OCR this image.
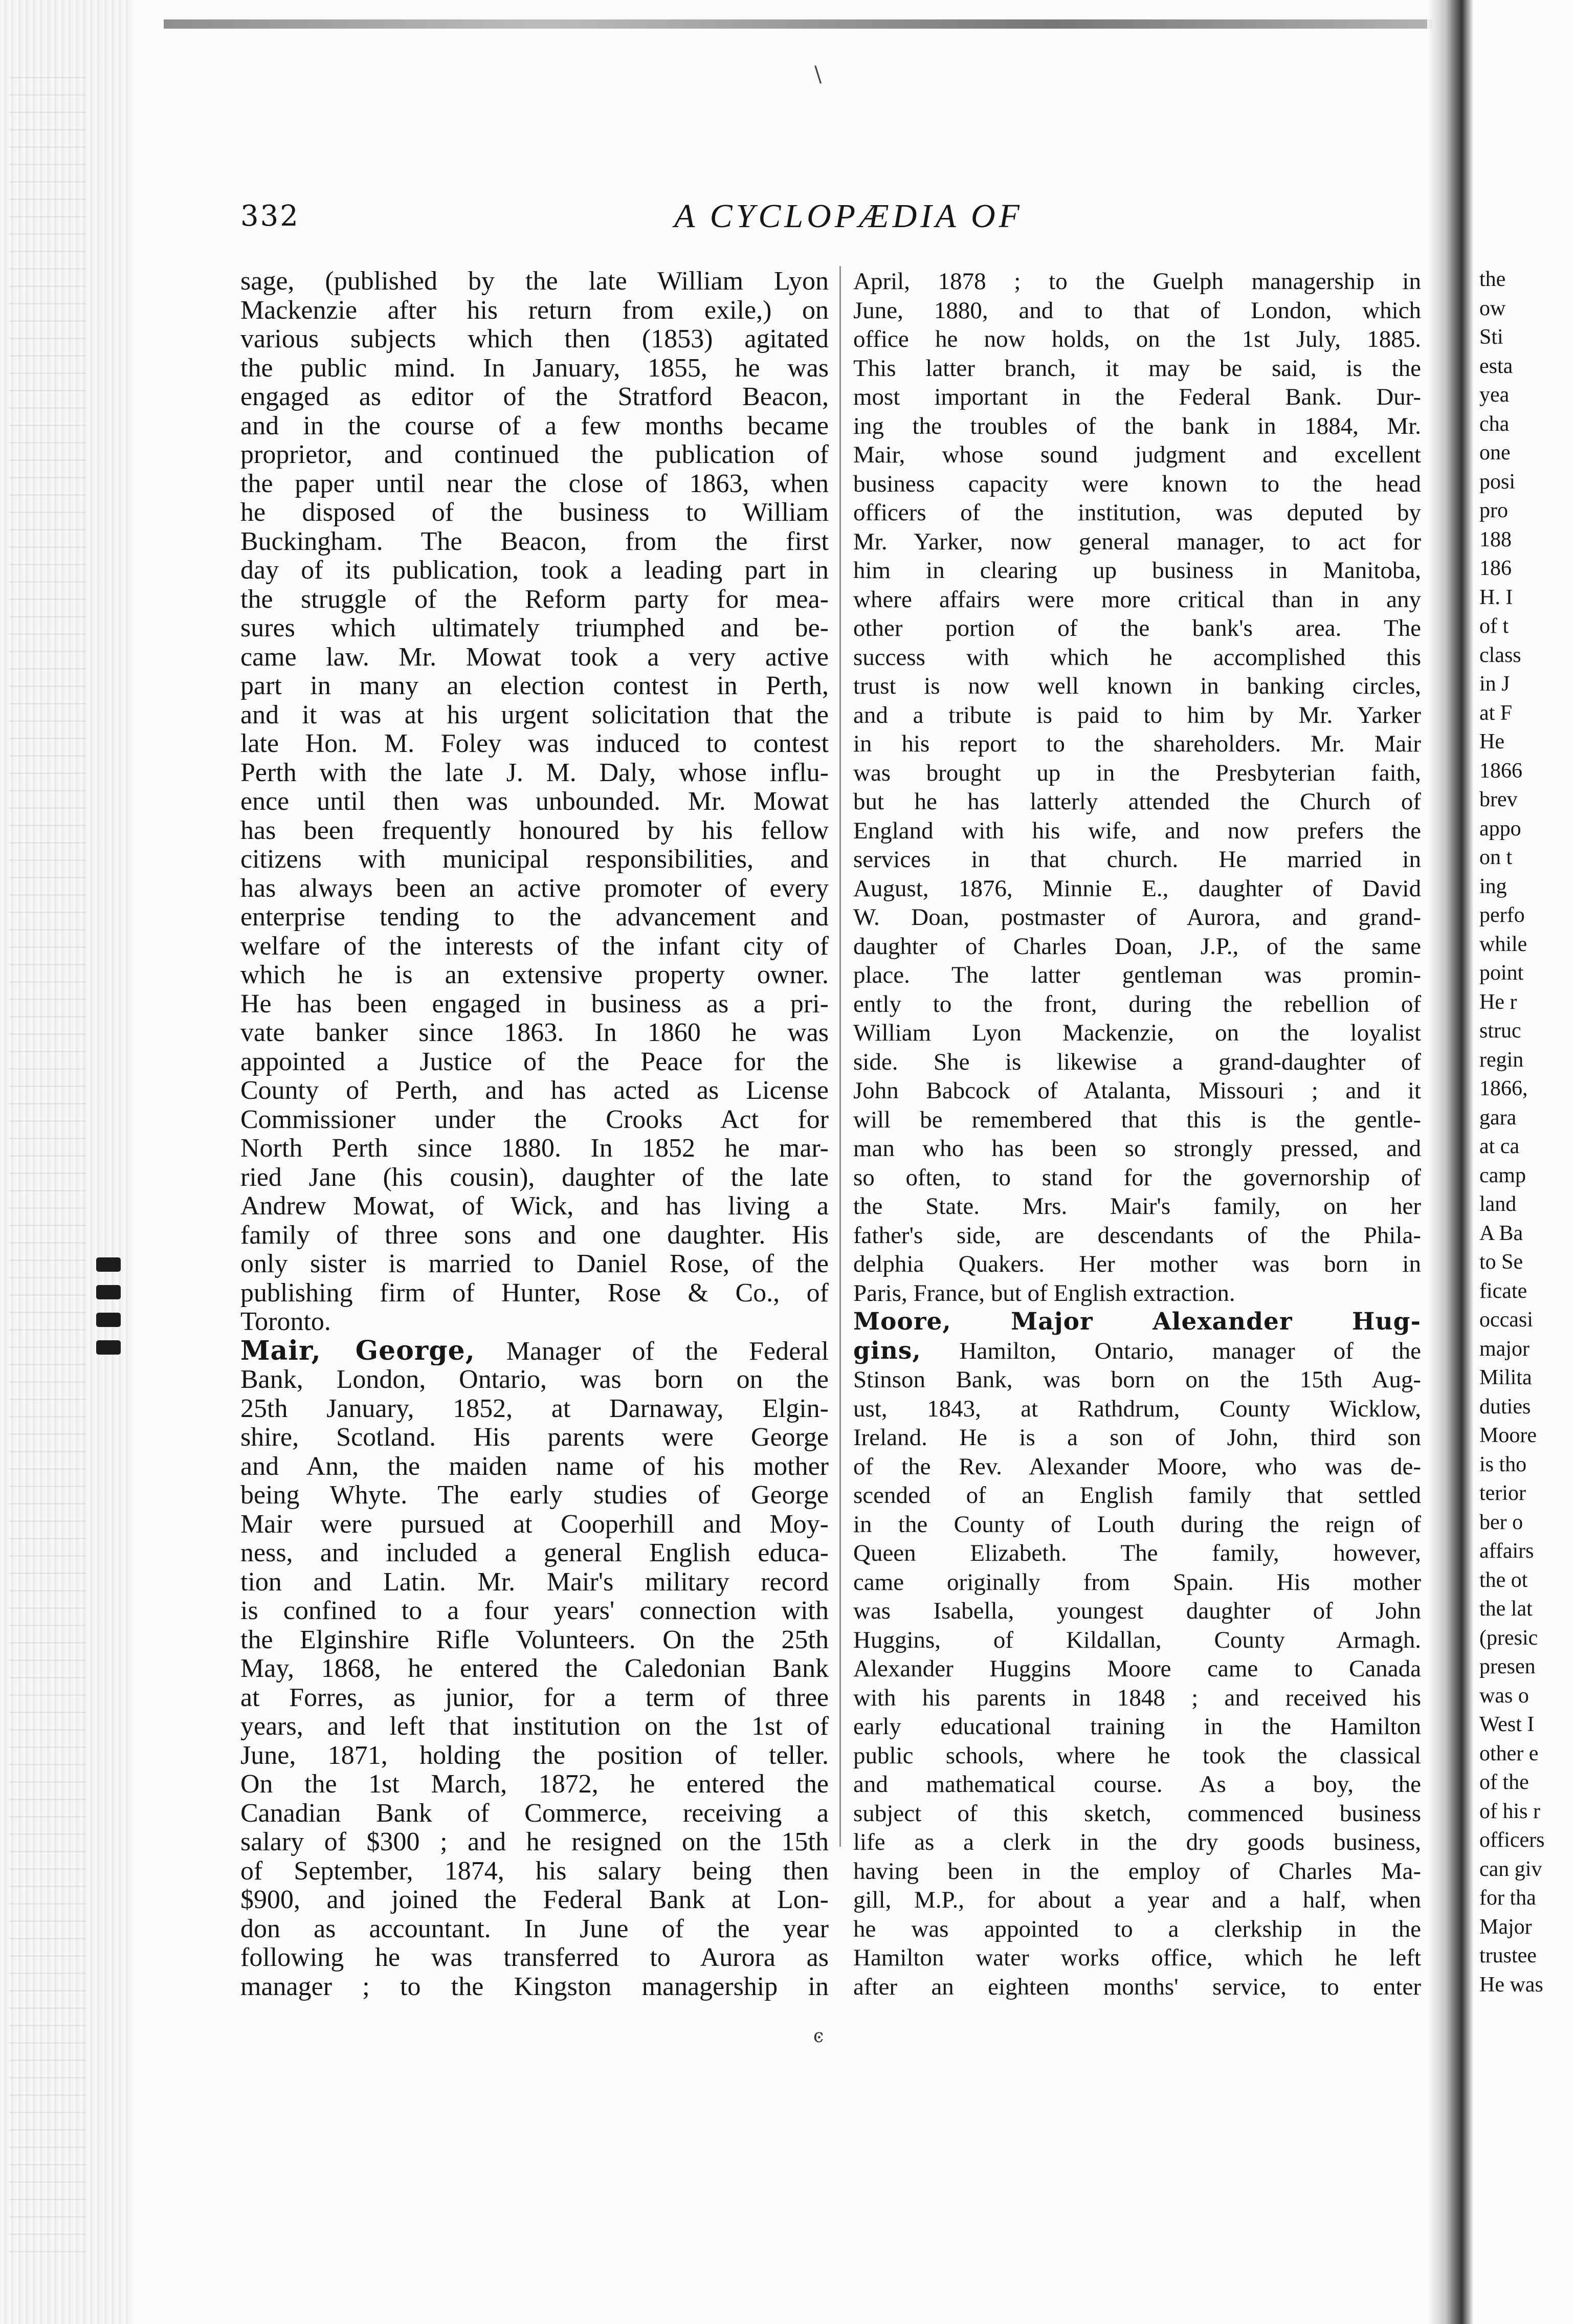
\
332	A CYCLOPÆDIA OF
sage, (published by the late William Lyon
Mackenzie after his return from exile,) on
various subjects which then (1853) agitated
the public mind. In January, 1855, he was
engaged as editor of the Stratford Beacon,
and in the course of a few months became
proprietor, and continued the publication of
the paper until near the close of 1863, when
he disposed of the business to William
Buckingham. The Beacon, from the first
day of its publication, took a leading part in
the struggle of the Reform party for mea-
sures which ultimately triumphed and be-
came law. Mr. Mowat took a very active
part in many an election contest in Perth,
and it was at his urgent solicitation that the
late Hon. M. Foley was induced to contest
Perth with the late J. M. Daly, whose influ-
ence until then was unbounded. Mr. Mowat
has been frequently honoured by his fellow
citizens with municipal responsibilities, and
has always been an active promoter of every
enterprise tending to the advancement and
welfare of the interests of the infant city of
which he is an extensive property owner.
He has been engaged in business as a pri-
vate banker since 1863. In 1860 he was
appointed a Justice of the Peace for the
County of Perth, and has acted as License
Commissioner under the Crooks Act for
North Perth since 1880. In 1852 he mar-
ried Jane (his cousin), daughter of the late
Andrew Mowat, of Wick, and has living a
family of three sons and one daughter. His
only sister is married to Daniel Rose, of the
publishing firm of Hunter, Rose & Co., of
Toronto.
Mair, George, Manager of the Federal
Bank, London, Ontario, was born on the
25th January, 1852, at Darnaway, Elgin-
shire, Scotland. His parents were George
and Ann, the maiden name of his mother
being Whyte. The early studies of George
Mair were pursued at Cooperhill and Moy-
ness, and included a general English educa-
tion and Latin. Mr. Mair's military record
is confined to a four years' connection with
the Elginshire Rifle Volunteers. On the 25th
May, 1868, he entered the Caledonian Bank
at Forres, as junior, for a term of three
years, and left that institution on the 1st of
June, 1871, holding the position of teller.
On the 1st March, 1872, he entered the
Canadian Bank of Commerce, receiving a
salary of $300 ; and he resigned on the 15th
of September, 1874, his salary being then
$900, and joined the Federal Bank at Lon-
don as accountant. In June of the year
following he was transferred to Aurora as
manager ; to the Kingston managership in
April, 1878 ; to the Guelph managership in
June, 1880, and to that of London, which
office he now holds, on the 1st July, 1885.
This latter branch, it may be said, is the
most important in the Federal Bank. Dur-
ing the troubles of the bank in 1884, Mr.
Mair, whose sound judgment and excellent
business capacity were known to the head
officers of the institution, was deputed by
Mr. Yarker, now general manager, to act for
him in clearing up business in Manitoba,
where affairs were more critical than in any
other portion of the bank's area. The
success with which he accomplished this
trust is now well known in banking circles,
and a tribute is paid to him by Mr. Yarker
in his report to the shareholders. Mr. Mair
was brought up in the Presbyterian faith,
but he has latterly attended the Church of
England with his wife, and now prefers the
services in that church. He married in
August, 1876, Minnie E., daughter of David
W. Doan, postmaster of Aurora, and grand-
daughter of Charles Doan, J.P., of the same
place. The latter gentleman was promin-
ently to the front, during the rebellion of
William Lyon Mackenzie, on the loyalist
side. She is likewise a grand-daughter of
John Babcock of Atalanta, Missouri ; and it
will be remembered that this is the gentle-
man who has been so strongly pressed, and
so often, to stand for the governorship of
the State. Mrs. Mair's family, on her
father's side, are descendants of the Phila-
delphia Quakers. Her mother was born in
Paris, France, but of English extraction.
Moore, Major Alexander Hug-
gins, Hamilton, Ontario, manager of the
Stinson Bank, was born on the 15th Aug-
ust, 1843, at Rathdrum, County Wicklow,
Ireland. He is a son of John, third son
of the Rev. Alexander Moore, who was de-
scended of an English family that settled
in the County of Louth during the reign of
Queen Elizabeth. The family, however,
came originally from Spain. His mother
was Isabella, youngest daughter of John
Huggins, of Kildallan, County Armagh.
Alexander Huggins Moore came to Canada
with his parents in 1848 ; and received his
early educational training in the Hamilton
public schools, where he took the classical
and mathematical course. As a boy, the
subject of this sketch, commenced business
life as a clerk in the dry goods business,
having been in the employ of Charles Ma-
gill, M.P., for about a year and a half, when
he was appointed to a clerkship in the
Hamilton water works office, which he left
after an eighteen months' service, to enter
ͼ
the
ow
Sti
esta
yea
cha
one
posi
pro
188
186
H. I
of t
class
in J
at F
He
1866
brev
appo
on t
ing
perfo
while
point
He r
struc
regin
1866,
gara
at ca
camp
land
A Ba
to Se
ficate
occasi
major
Milita
duties
Moore
is tho
terior
ber o
affairs
the ot
the lat
(presic
presen
was o
West I
other e
of the
of his r
officers
can giv
for tha
Major
trustee
He was
